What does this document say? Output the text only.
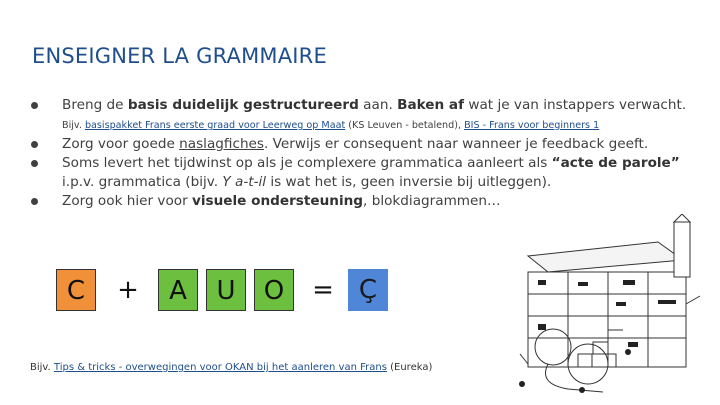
ENSEIGNER LA GRAMMAIRE
Breng de basis duidelijk gestructureerd aan. Baken af wat je van instappers verwacht.
Bijv. basispakket Frans eerste graad voor Leerweg op Maat (KS Leuven - betalend), BIS - Frans voor beginners 1
Zorg voor goede naslagfiches. Verwijs er consequent naar wanneer je feedback geeft.
Soms levert het tijdwinst op als je complexere grammatica aanleert als “acte de parole” i.p.v. grammatica (bijv. Y a-t-il is wat het is, geen inversie bij uitleggen).
Zorg ook hier voor visuele ondersteuning, blokdiagrammen…
C	+	A	U	O	= Ç
Bijv. Tips & tricks - overwegingen voor OKAN bij het aanleren van Frans (Eureka)
